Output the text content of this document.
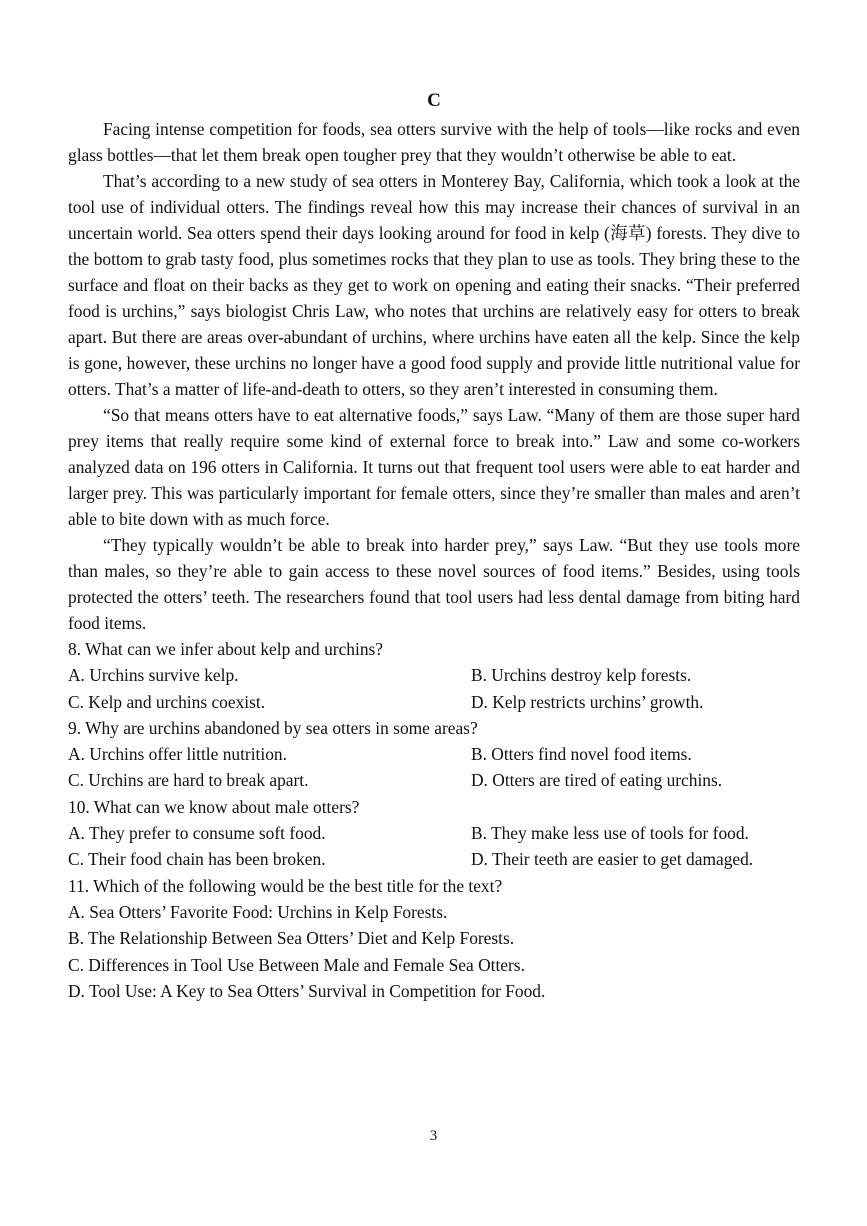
C

Facing intense competition for foods, sea otters survive with the help of tools—like rocks and even glass bottles—that let them break open tougher prey that they wouldn’t otherwise be able to eat.

That’s according to a new study of sea otters in Monterey Bay, California, which took a look at the tool use of individual otters. The findings reveal how this may increase their chances of survival in an uncertain world. Sea otters spend their days looking around for food in kelp (海草) forests. They dive to the bottom to grab tasty food, plus sometimes rocks that they plan to use as tools. They bring these to the surface and float on their backs as they get to work on opening and eating their snacks. “Their preferred food is urchins,” says biologist Chris Law, who notes that urchins are relatively easy for otters to break apart. But there are areas over-abundant of urchins, where urchins have eaten all the kelp. Since the kelp is gone, however, these urchins no longer have a good food supply and provide little nutritional value for otters. That’s a matter of life-and-death to otters, so they aren’t interested in consuming them.

“So that means otters have to eat alternative foods,” says Law. “Many of them are those super hard prey items that really require some kind of external force to break into.” Law and some co-workers analyzed data on 196 otters in California. It turns out that frequent tool users were able to eat harder and larger prey. This was particularly important for female otters, since they’re smaller than males and aren’t able to bite down with as much force.

“They typically wouldn’t be able to break into harder prey,” says Law. “But they use tools more than males, so they’re able to gain access to these novel sources of food items.” Besides, using tools protected the otters’ teeth. The researchers found that tool users had less dental damage from biting hard food items.

8. What can we infer about kelp and urchins?

A. Urchins survive kelp.	B. Urchins destroy kelp forests.
C. Kelp and urchins coexist.	D. Kelp restricts urchins’ growth.

9. Why are urchins abandoned by sea otters in some areas?

A. Urchins offer little nutrition.	B. Otters find novel food items.
C. Urchins are hard to break apart.	D. Otters are tired of eating urchins.

10. What can we know about male otters?

A. They prefer to consume soft food.	B. They make less use of tools for food.
C. Their food chain has been broken.	D. Their teeth are easier to get damaged.

11. Which of the following would be the best title for the text?

A. Sea Otters’ Favorite Food: Urchins in Kelp Forests.

B. The Relationship Between Sea Otters’ Diet and Kelp Forests.

C. Differences in Tool Use Between Male and Female Sea Otters.

D. Tool Use: A Key to Sea Otters’ Survival in Competition for Food.

3
